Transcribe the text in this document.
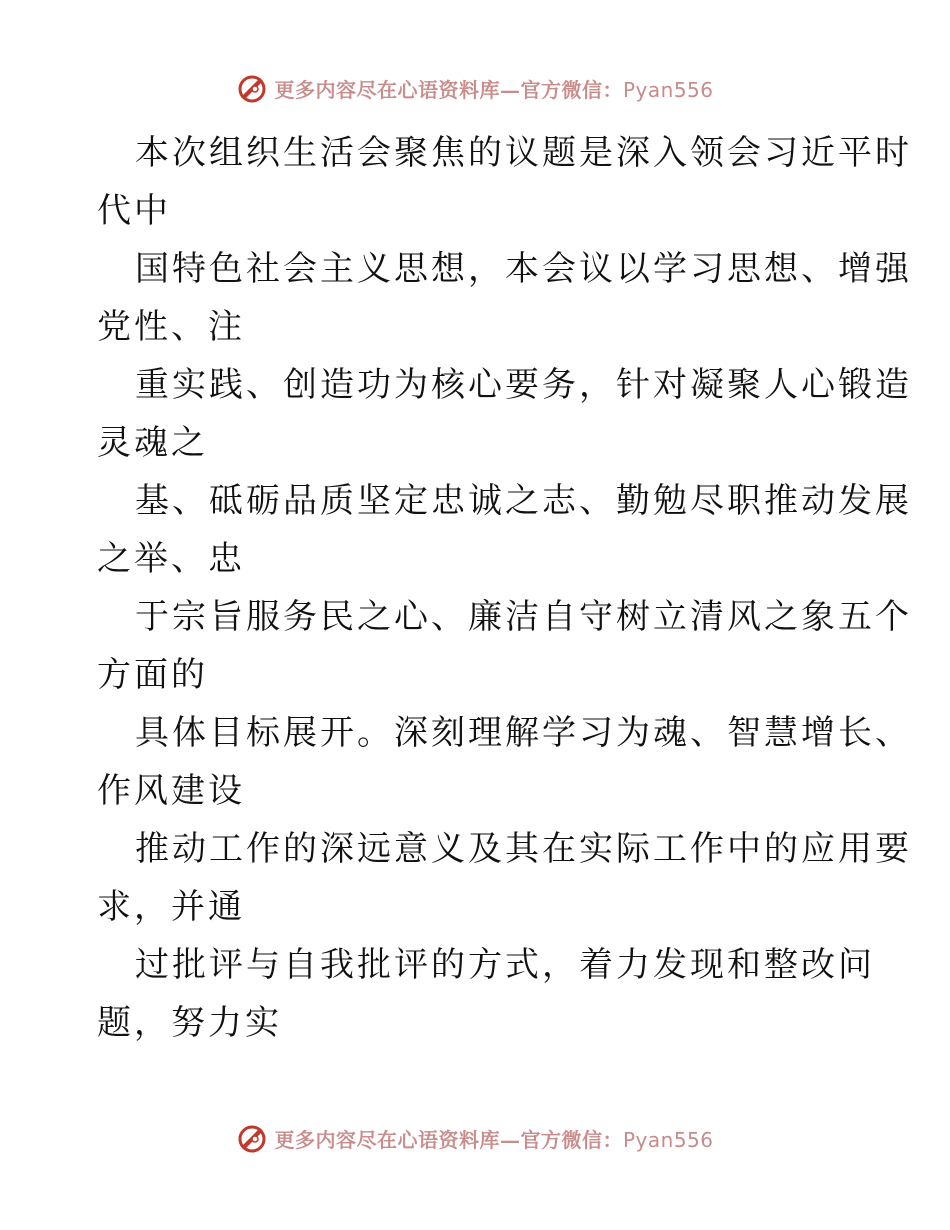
更多内容尽在心语资料库—官方微信：Pyan556

本次组织生活会聚焦的议题是深入领会习近平时
代中

国特色社会主义思想，本会议以学习思想、增强
党性、注

重实践、创造功为核心要务，针对凝聚人心锻造
灵魂之

基、砥砺品质坚定忠诚之志、勤勉尽职推动发展
之举、忠

于宗旨服务民之心、廉洁自守树立清风之象五个
方面的

具体目标展开。深刻理解学习为魂、智慧增长、
作风建设

推动工作的深远意义及其在实际工作中的应用要
求，并通

过批评与自我批评的方式，着力发现和整改问
题，努力实

更多内容尽在心语资料库—官方微信：Pyan556
